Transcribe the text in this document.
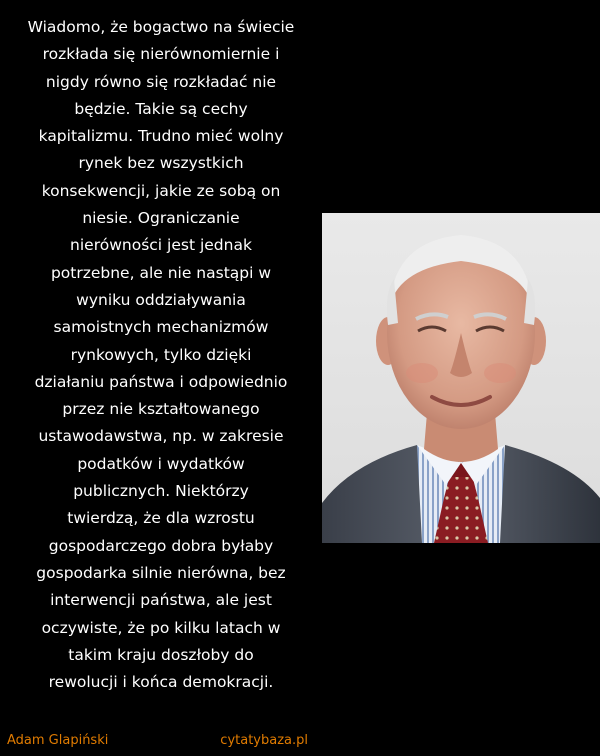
Wiadomo, że bogactwo na świecie
rozkłada się nierównomiernie i
nigdy równo się rozkładać nie
będzie. Takie są cechy
kapitalizmu. Trudno mieć wolny
rynek bez wszystkich
konsekwencji, jakie ze sobą on
niesie. Ograniczanie
nierówności jest jednak
potrzebne, ale nie nastąpi w
wyniku oddziaływania
samoistnych mechanizmów
rynkowych, tylko dzięki
działaniu państwa i odpowiednio
przez nie kształtowanego
ustawodawstwa, np. w zakresie
podatków i wydatków
publicznych. Niektórzy
twierdzą, że dla wzrostu
gospodarczego dobra byłaby
gospodarka silnie nierówna, bez
interwencji państwa, ale jest
oczywiste, że po kilku latach w
takim kraju doszłoby do
rewolucji i końca demokracji.
Adam Glapiński	cytatybaza.pl
